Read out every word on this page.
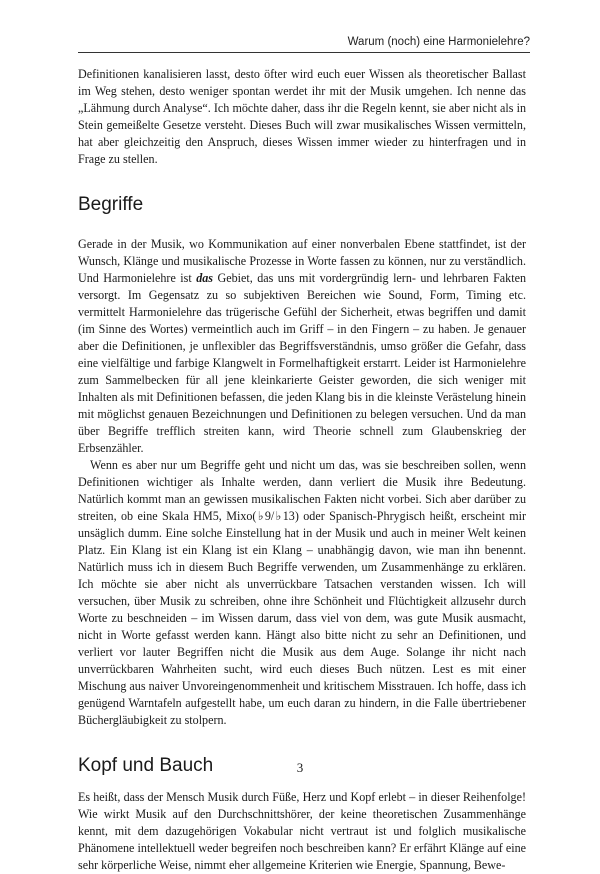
Warum (noch) eine Harmonielehre?

Definitionen kanalisieren lasst, desto öfter wird euch euer Wissen als theoretischer Ballast im Weg stehen, desto weniger spontan werdet ihr mit der Musik umgehen. Ich nenne das „Lähmung durch Analyse“. Ich möchte daher, dass ihr die Regeln kennt, sie aber nicht als in Stein gemeißelte Gesetze versteht. Dieses Buch will zwar musikalisches Wissen vermitteln, hat aber gleichzeitig den Anspruch, dieses Wissen immer wieder zu hinterfragen und in Frage zu stellen.

Begriffe

Gerade in der Musik, wo Kommunikation auf einer nonverbalen Ebene stattfindet, ist der Wunsch, Klänge und musikalische Prozesse in Worte fassen zu können, nur zu verständlich. Und Harmonielehre ist das Gebiet, das uns mit vordergründig lern- und lehrbaren Fakten versorgt. Im Gegensatz zu so subjektiven Bereichen wie Sound, Form, Timing etc. vermittelt Harmonielehre das trügerische Gefühl der Sicherheit, etwas begriffen und damit (im Sinne des Wortes) vermeintlich auch im Griff – in den Fingern – zu haben. Je genauer aber die Definitionen, je unflexibler das Begriffsverständnis, umso größer die Gefahr, dass eine vielfältige und farbige Klangwelt in Formelhaftigkeit erstarrt. Leider ist Harmonielehre zum Sammelbecken für all jene kleinkarierte Geister geworden, die sich weniger mit Inhalten als mit Definitionen befassen, die jeden Klang bis in die kleinste Verästelung hinein mit möglichst genauen Bezeichnungen und Definitionen zu belegen versuchen. Und da man über Begriffe trefflich streiten kann, wird Theorie schnell zum Glaubenskrieg der Erbsenzähler.

Wenn es aber nur um Begriffe geht und nicht um das, was sie beschreiben sollen, wenn Definitionen wichtiger als Inhalte werden, dann verliert die Musik ihre Bedeutung. Natürlich kommt man an gewissen musikalischen Fakten nicht vorbei. Sich aber darüber zu streiten, ob eine Skala HM5, Mixo(♭9/♭13) oder Spanisch-Phrygisch heißt, erscheint mir unsäglich dumm. Eine solche Einstellung hat in der Musik und auch in meiner Welt keinen Platz. Ein Klang ist ein Klang ist ein Klang – unabhängig davon, wie man ihn benennt. Natürlich muss ich in diesem Buch Begriffe verwenden, um Zusammenhänge zu erklären. Ich möchte sie aber nicht als unverrückbare Tatsachen verstanden wissen. Ich will versuchen, über Musik zu schreiben, ohne ihre Schönheit und Flüchtigkeit allzusehr durch Worte zu beschneiden – im Wissen darum, dass viel von dem, was gute Musik ausmacht, nicht in Worte gefasst werden kann. Hängt also bitte nicht zu sehr an Definitionen, und verliert vor lauter Begriffen nicht die Musik aus dem Auge. Solange ihr nicht nach unverrückbaren Wahrheiten sucht, wird euch dieses Buch nützen. Lest es mit einer Mischung aus naiver Unvoreingenommenheit und kritischem Misstrauen. Ich hoffe, dass ich genügend Warntafeln aufgestellt habe, um euch daran zu hindern, in die Falle übertriebener Büchergläubigkeit zu stolpern.

Kopf und Bauch

Es heißt, dass der Mensch Musik durch Füße, Herz und Kopf erlebt – in dieser Reihenfolge! Wie wirkt Musik auf den Durchschnittshörer, der keine theoretischen Zusammenhänge kennt, mit dem dazugehörigen Vokabular nicht vertraut ist und folglich musikalische Phänomene intellektuell weder begreifen noch beschreiben kann? Er erfährt Klänge auf eine sehr körperliche Weise, nimmt eher allgemeine Kriterien wie Energie, Spannung, Bewe-

3
